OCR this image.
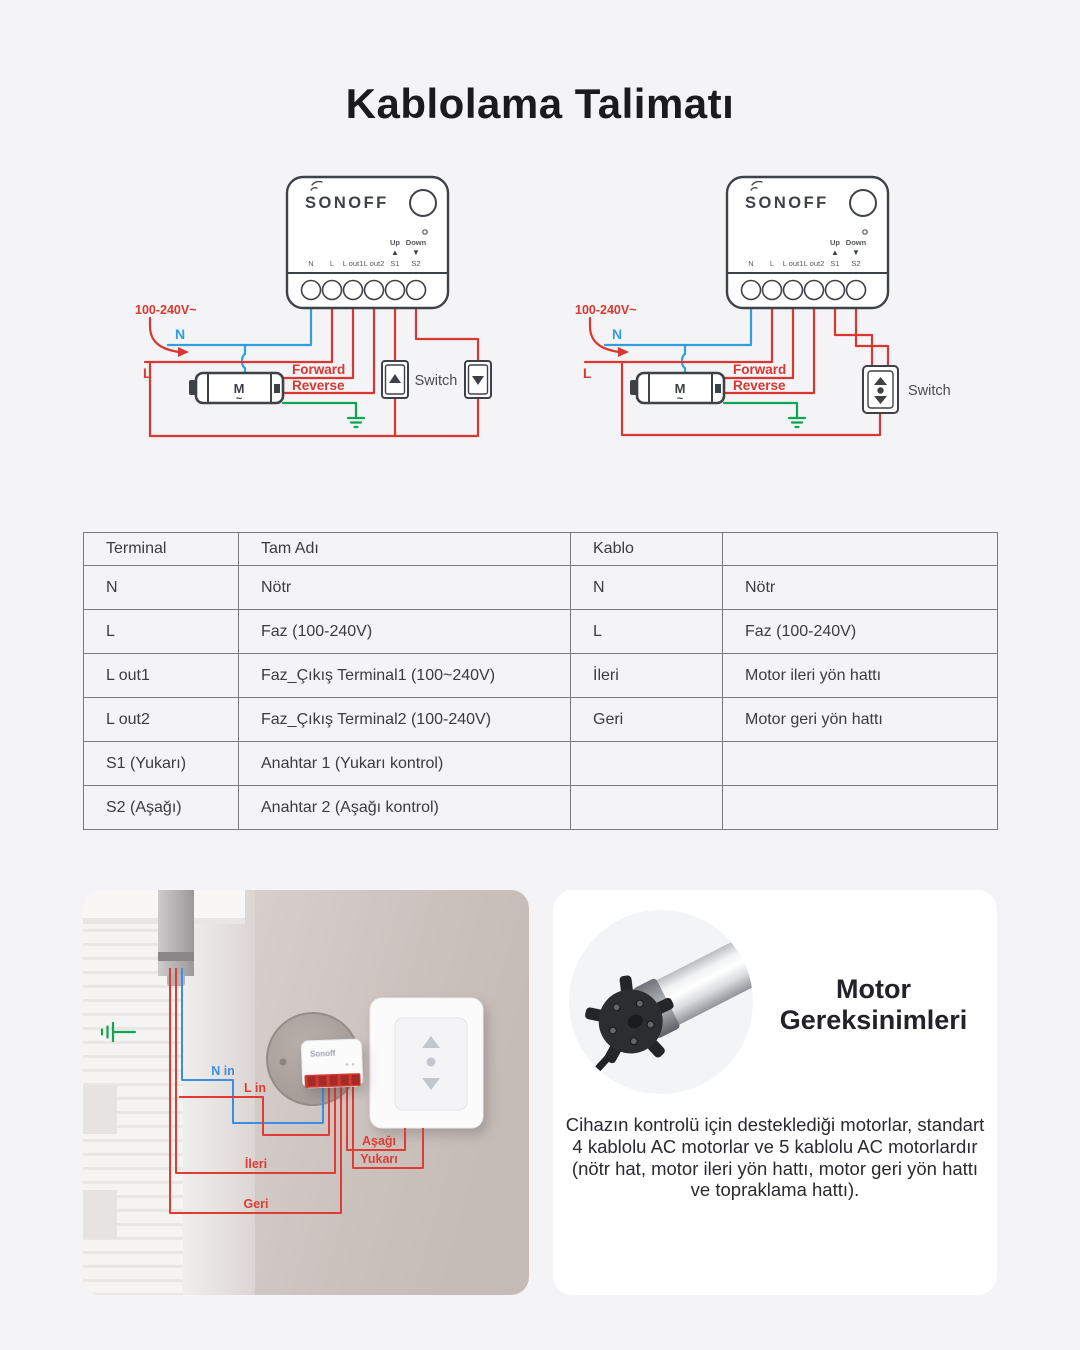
Kablolama Talimatı
SONOFF
Up Down
▲ ▼
N L L out1 L out2 S1 S2
M
~
100-240V~
N
L	Forward
Reverse	Switch
SONOFF
Up Down
▲ ▼
N L L out1 L out2 S1 S2
M
~
100-240V~
N
L	Forward
Reverse	Switch
Terminal	Tam Adı	Kablo	
N	Nötr	N	Nötr
L	Faz (100-240V)	L	Faz (100-240V)
L out1	Faz_Çıkış Terminal1 (100~240V)	İleri	Motor ileri yön hattı
L out2	Faz_Çıkış Terminal2 (100-240V)	Geri	Motor geri yön hattı
S1 (Yukarı)	Anahtar 1 (Yukarı kontrol)		
S2 (Aşağı)	Anahtar 2 (Aşağı kontrol)		
Sonoff
N in
L in
İleri
Geri
Aşağı
Yukarı
Motor
Gereksinimleri
Cihazın kontrolü için desteklediği motorlar, standart 4 kablolu AC motorlar ve 5 kablolu AC motorlardır (nötr hat, motor ileri yön hattı, motor geri yön hattı ve topraklama hattı).
